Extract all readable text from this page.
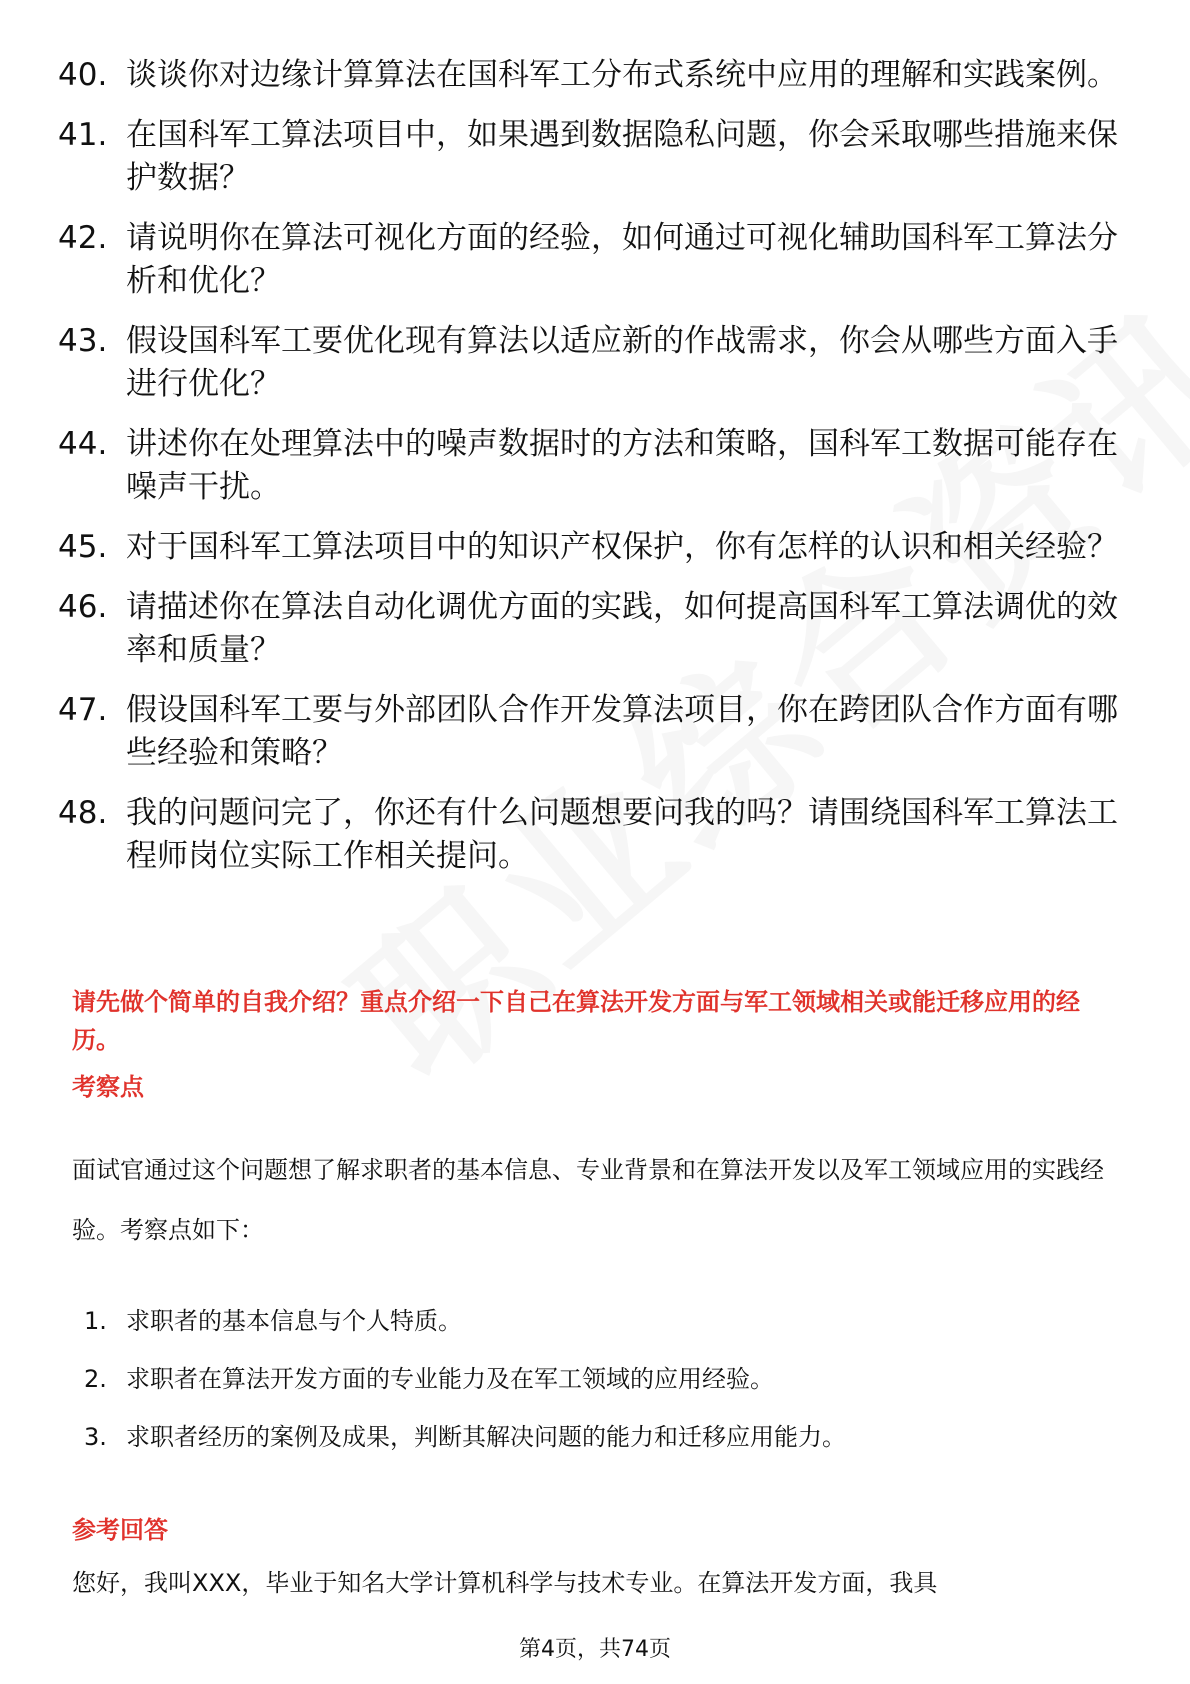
40. 谈谈你对边缘计算算法在国科军工分布式系统中应用的理解和实践案例。
41. 在国科军工算法项目中，如果遇到数据隐私问题，你会采取哪些措施来保护数据？
42. 请说明你在算法可视化方面的经验，如何通过可视化辅助国科军工算法分析和优化？
43. 假设国科军工要优化现有算法以适应新的作战需求，你会从哪些方面入手进行优化？
44. 讲述你在处理算法中的噪声数据时的方法和策略，国科军工数据可能存在噪声干扰。
45. 对于国科军工算法项目中的知识产权保护，你有怎样的认识和相关经验？
46. 请描述你在算法自动化调优方面的实践，如何提高国科军工算法调优的效率和质量？
47. 假设国科军工要与外部团队合作开发算法项目，你在跨团队合作方面有哪些经验和策略？
48. 我的问题问完了，你还有什么问题想要问我的吗？请围绕国科军工算法工程师岗位实际工作相关提问。
请先做个简单的自我介绍？重点介绍一下自己在算法开发方面与军工领域相关或能迁移应用的经历。
考察点
面试官通过这个问题想了解求职者的基本信息、专业背景和在算法开发以及军工领域应用的实践经验。考察点如下：
1. 求职者的基本信息与个人特质。
2. 求职者在算法开发方面的专业能力及在军工领域的应用经验。
3. 求职者经历的案例及成果，判断其解决问题的能力和迁移应用能力。
参考回答
您好，我叫XXX，毕业于知名大学计算机科学与技术专业。在算法开发方面，我具
第4页，共74页
